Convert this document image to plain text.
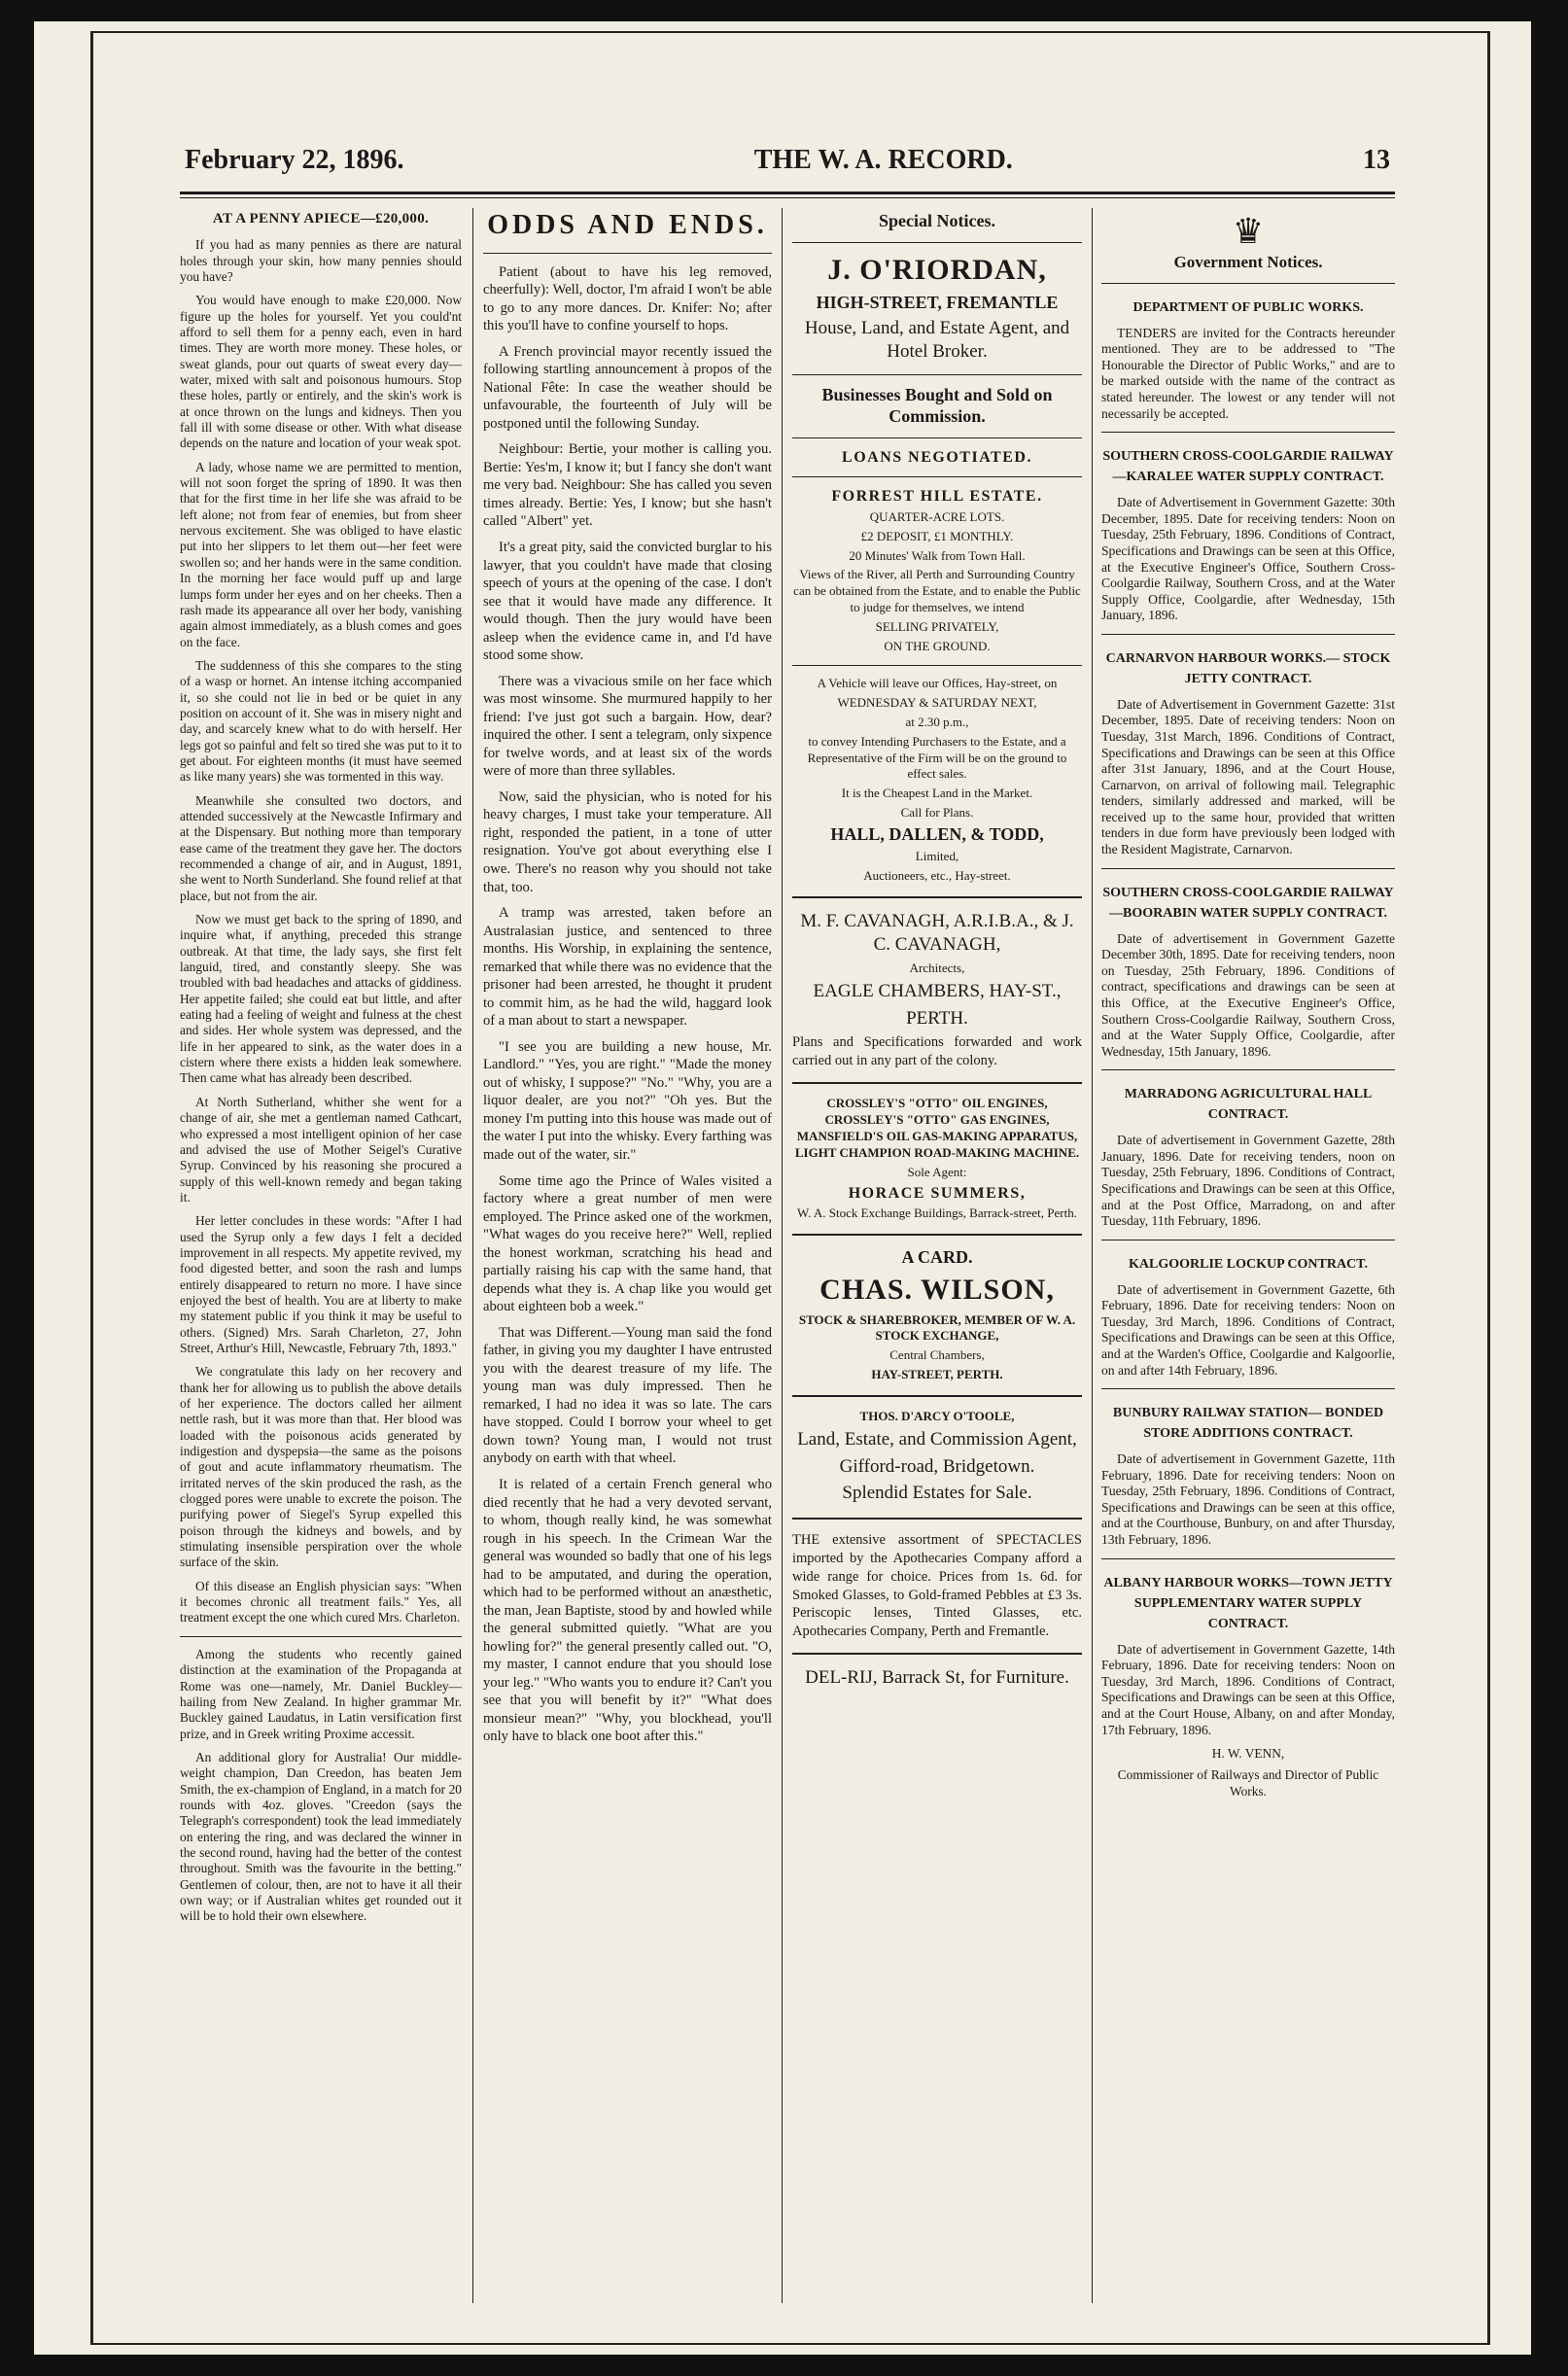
February 22, 1896.	THE W. A. RECORD.	13
AT A PENNY APIECE—£20,000.

If you had as many pennies as there are natural holes through your skin, how many pennies should you have?

You would have enough to make £20,000. Now figure up the holes for yourself. Yet you could'nt afford to sell them for a penny each, even in hard times. They are worth more money. These holes, or sweat glands, pour out quarts of sweat every day—water, mixed with salt and poisonous humours. Stop these holes, partly or entirely, and the skin's work is at once thrown on the lungs and kidneys. Then you fall ill with some disease or other. With what disease depends on the nature and location of your weak spot.

A lady, whose name we are permitted to mention, will not soon forget the spring of 1890. It was then that for the first time in her life she was afraid to be left alone; not from fear of enemies, but from sheer nervous excitement. She was obliged to have elastic put into her slippers to let them out—her feet were swollen so; and her hands were in the same condition. In the morning her face would puff up and large lumps form under her eyes and on her cheeks. Then a rash made its appearance all over her body, vanishing again almost immediately, as a blush comes and goes on the face.

The suddenness of this she compares to the sting of a wasp or hornet. An intense itching accompanied it, so she could not lie in bed or be quiet in any position on account of it. She was in misery night and day, and scarcely knew what to do with herself. Her legs got so painful and felt so tired she was put to it to get about. For eighteen months (it must have seemed as like many years) she was tormented in this way.

Meanwhile she consulted two doctors, and attended successively at the Newcastle Infirmary and at the Dispensary. But nothing more than temporary ease came of the treatment they gave her. The doctors recommended a change of air, and in August, 1891, she went to North Sunderland. She found relief at that place, but not from the air.

Now we must get back to the spring of 1890, and inquire what, if anything, preceded this strange outbreak. At that time, the lady says, she first felt languid, tired, and constantly sleepy. She was troubled with bad headaches and attacks of giddiness. Her appetite failed; she could eat but little, and after eating had a feeling of weight and fulness at the chest and sides. Her whole system was depressed, and the life in her appeared to sink, as the water does in a cistern where there exists a hidden leak somewhere. Then came what has already been described.

At North Sutherland, whither she went for a change of air, she met a gentleman named Cathcart, who expressed a most intelligent opinion of her case and advised the use of Mother Seigel's Curative Syrup. Convinced by his reasoning she procured a supply of this well-known remedy and began taking it.

Her letter concludes in these words: "After I had used the Syrup only a few days I felt a decided improvement in all respects. My appetite revived, my food digested better, and soon the rash and lumps entirely disappeared to return no more. I have since enjoyed the best of health. You are at liberty to make my statement public if you think it may be useful to others. (Signed) Mrs. Sarah Charleton, 27, John Street, Arthur's Hill, Newcastle, February 7th, 1893."

We congratulate this lady on her recovery and thank her for allowing us to publish the above details of her experience. The doctors called her ailment nettle rash, but it was more than that. Her blood was loaded with the poisonous acids generated by indigestion and dyspepsia—the same as the poisons of gout and acute inflammatory rheumatism. The irritated nerves of the skin produced the rash, as the clogged pores were unable to excrete the poison. The purifying power of Siegel's Syrup expelled this poison through the kidneys and bowels, and by stimulating insensible perspiration over the whole surface of the skin.

Of this disease an English physician says: "When it becomes chronic all treatment fails." Yes, all treatment except the one which cured Mrs. Charleton.

Among the students who recently gained distinction at the examination of the Propaganda at Rome was one—namely, Mr. Daniel Buckley—hailing from New Zealand. In higher grammar Mr. Buckley gained Laudatus, in Latin versification first prize, and in Greek writing Proxime accessit.

An additional glory for Australia! Our middle-weight champion, Dan Creedon, has beaten Jem Smith, the ex-champion of England, in a match for 20 rounds with 4oz. gloves. "Creedon (says the Telegraph's correspondent) took the lead immediately on entering the ring, and was declared the winner in the second round, having had the better of the contest throughout. Smith was the favourite in the betting." Gentlemen of colour, then, are not to have it all their own way; or if Australian whites get rounded out it will be to hold their own elsewhere.

ODDS AND ENDS.

Patient (about to have his leg removed, cheerfully): Well, doctor, I'm afraid I won't be able to go to any more dances. Dr. Knifer: No; after this you'll have to confine yourself to hops.

A French provincial mayor recently issued the following startling announcement à propos of the National Fête: In case the weather should be unfavourable, the fourteenth of July will be postponed until the following Sunday.

Neighbour: Bertie, your mother is calling you. Bertie: Yes'm, I know it; but I fancy she don't want me very bad. Neighbour: She has called you seven times already. Bertie: Yes, I know; but she hasn't called "Albert" yet.

It's a great pity, said the convicted burglar to his lawyer, that you couldn't have made that closing speech of yours at the opening of the case. I don't see that it would have made any difference. It would though. Then the jury would have been asleep when the evidence came in, and I'd have stood some show.

There was a vivacious smile on her face which was most winsome. She murmured happily to her friend: I've just got such a bargain. How, dear? inquired the other. I sent a telegram, only sixpence for twelve words, and at least six of the words were of more than three syllables.

Now, said the physician, who is noted for his heavy charges, I must take your temperature. All right, responded the patient, in a tone of utter resignation. You've got about everything else I owe. There's no reason why you should not take that, too.

A tramp was arrested, taken before an Australasian justice, and sentenced to three months. His Worship, in explaining the sentence, remarked that while there was no evidence that the prisoner had been arrested, he thought it prudent to commit him, as he had the wild, haggard look of a man about to start a newspaper.

"I see you are building a new house, Mr. Landlord." "Yes, you are right." "Made the money out of whisky, I suppose?" "No." "Why, you are a liquor dealer, are you not?" "Oh yes. But the money I'm putting into this house was made out of the water I put into the whisky. Every farthing was made out of the water, sir."

Some time ago the Prince of Wales visited a factory where a great number of men were employed. The Prince asked one of the workmen, "What wages do you receive here?" Well, replied the honest workman, scratching his head and partially raising his cap with the same hand, that depends what they is. A chap like you would get about eighteen bob a week."

That was Different.—Young man said the fond father, in giving you my daughter I have entrusted you with the dearest treasure of my life. The young man was duly impressed. Then he remarked, I had no idea it was so late. The cars have stopped. Could I borrow your wheel to get down town? Young man, I would not trust anybody on earth with that wheel.

It is related of a certain French general who died recently that he had a very devoted servant, to whom, though really kind, he was somewhat rough in his speech. In the Crimean War the general was wounded so badly that one of his legs had to be amputated, and during the operation, which had to be performed without an anæsthetic, the man, Jean Baptiste, stood by and howled while the general submitted quietly. "What are you howling for?" the general presently called out. "O, my master, I cannot endure that you should lose your leg." "Who wants you to endure it? Can't you see that you will benefit by it?" "What does monsieur mean?" "Why, you blockhead, you'll only have to black one boot after this."

Special Notices.
J. O'RIORDAN,
HIGH-STREET, FREMANTLE
House, Land, and Estate Agent, and Hotel Broker.
Businesses Bought and Sold on Commission.
LOANS NEGOTIATED.
FORREST HILL ESTATE.
QUARTER-ACRE LOTS.
£2 DEPOSIT, £1 MONTHLY.
20 Minutes' Walk from Town Hall.
Views of the River, all Perth and Surrounding Country can be obtained from the Estate, and to enable the Public to judge for themselves, we intend
SELLING PRIVATELY,
ON THE GROUND.
A Vehicle will leave our Offices, Hay-street, on
WEDNESDAY & SATURDAY NEXT,
at 2.30 p.m.,
to convey Intending Purchasers to the Estate, and a Representative of the Firm will be on the ground to effect sales.
It is the Cheapest Land in the Market.
Call for Plans.
HALL, DALLEN, & TODD,
Limited,
Auctioneers, etc., Hay-street.
M. F. CAVANAGH, A.R.I.B.A., & J. C. CAVANAGH,
Architects,
EAGLE CHAMBERS, HAY-ST.,
PERTH.
Plans and Specifications forwarded and work carried out in any part of the colony.
CROSSLEY'S "OTTO" OIL ENGINES, CROSSLEY'S "OTTO" GAS ENGINES, MANSFIELD'S OIL GAS-MAKING APPARATUS, LIGHT CHAMPION ROAD-MAKING MACHINE.
Sole Agent:
HORACE SUMMERS,
W. A. Stock Exchange Buildings, Barrack-street, Perth.
A CARD.
CHAS. WILSON,
STOCK & SHAREBROKER, MEMBER OF W. A. STOCK EXCHANGE,
Central Chambers,
HAY-STREET, PERTH.
THOS. D'ARCY O'TOOLE,
Land, Estate, and Commission Agent,
Gifford-road, Bridgetown.
Splendid Estates for Sale.
THE extensive assortment of SPECTACLES imported by the Apothecaries Company afford a wide range for choice. Prices from 1s. 6d. for Smoked Glasses, to Gold-framed Pebbles at £3 3s. Periscopic lenses, Tinted Glasses, etc. Apothecaries Company, Perth and Fremantle.
DEL-RIJ, Barrack St, for Furniture.
♛
Government Notices.
DEPARTMENT OF PUBLIC WORKS.

TENDERS are invited for the Contracts hereunder mentioned. They are to be addressed to "The Honourable the Director of Public Works," and are to be marked outside with the name of the contract as stated hereunder. The lowest or any tender will not necessarily be accepted.

SOUTHERN CROSS-COOLGARDIE RAILWAY—KARALEE WATER SUPPLY CONTRACT.

Date of Advertisement in Government Gazette: 30th December, 1895. Date for receiving tenders: Noon on Tuesday, 25th February, 1896. Conditions of Contract, Specifications and Drawings can be seen at this Office, at the Executive Engineer's Office, Southern Cross-Coolgardie Railway, Southern Cross, and at the Water Supply Office, Coolgardie, after Wednesday, 15th January, 1896.

CARNARVON HARBOUR WORKS.— STOCK JETTY CONTRACT.

Date of Advertisement in Government Gazette: 31st December, 1895. Date of receiving tenders: Noon on Tuesday, 31st March, 1896. Conditions of Contract, Specifications and Drawings can be seen at this Office after 31st January, 1896, and at the Court House, Carnarvon, on arrival of following mail. Telegraphic tenders, similarly addressed and marked, will be received up to the same hour, provided that written tenders in due form have previously been lodged with the Resident Magistrate, Carnarvon.

SOUTHERN CROSS-COOLGARDIE RAILWAY—BOORABIN WATER SUPPLY CONTRACT.

Date of advertisement in Government Gazette December 30th, 1895. Date for receiving tenders, noon on Tuesday, 25th February, 1896. Conditions of contract, specifications and drawings can be seen at this Office, at the Executive Engineer's Office, Southern Cross-Coolgardie Railway, Southern Cross, and at the Water Supply Office, Coolgardie, after Wednesday, 15th January, 1896.

MARRADONG AGRICULTURAL HALL CONTRACT.

Date of advertisement in Government Gazette, 28th January, 1896. Date for receiving tenders, noon on Tuesday, 25th February, 1896. Conditions of Contract, Specifications and Drawings can be seen at this Office, and at the Post Office, Marradong, on and after Tuesday, 11th February, 1896.

KALGOORLIE LOCKUP CONTRACT.

Date of advertisement in Government Gazette, 6th February, 1896. Date for receiving tenders: Noon on Tuesday, 3rd March, 1896. Conditions of Contract, Specifications and Drawings can be seen at this Office, and at the Warden's Office, Coolgardie and Kalgoorlie, on and after 14th February, 1896.

BUNBURY RAILWAY STATION— BONDED STORE ADDITIONS CONTRACT.

Date of advertisement in Government Gazette, 11th February, 1896. Date for receiving tenders: Noon on Tuesday, 25th February, 1896. Conditions of Contract, Specifications and Drawings can be seen at this office, and at the Courthouse, Bunbury, on and after Thursday, 13th February, 1896.

ALBANY HARBOUR WORKS—TOWN JETTY SUPPLEMENTARY WATER SUPPLY CONTRACT.

Date of advertisement in Government Gazette, 14th February, 1896. Date for receiving tenders: Noon on Tuesday, 3rd March, 1896. Conditions of Contract, Specifications and Drawings can be seen at this Office, and at the Court House, Albany, on and after Monday, 17th February, 1896.

H. W. VENN,
Commissioner of Railways and Director of Public Works.
